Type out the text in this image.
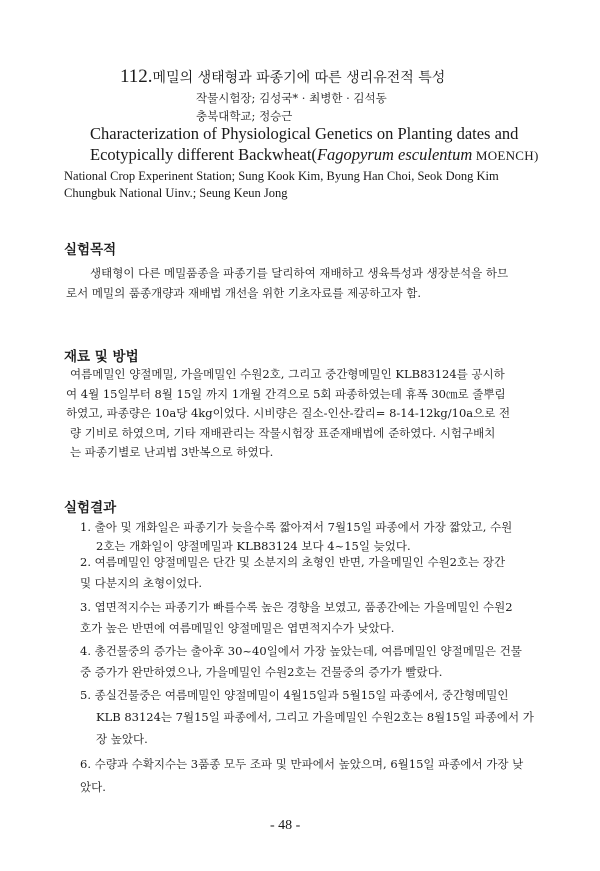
112.메밀의 생태형과 파종기에 따른 생리유전적 특성
작물시험장; 김성국* · 최병한 · 김석동
충북대학교; 정승근
Characterization of Physiological Genetics on Planting dates and
Ecotypically different Backwheat(Fagopyrum esculentum MOENCH)
National Crop Experinent Station; Sung Kook Kim, Byung Han Choi, Seok Dong Kim
Chungbuk National Uinv.; Seung Keun Jong
실험목적
생태형이 다른 메밀품종을 파종기를 달리하여 재배하고 생육특성과 생장분석을 하므
로서 메밀의 품종개량과 재배법 개선을 위한 기초자료를 제공하고자 함.
재료 및 방법
여름메밀인 양절메밀, 가을메밀인 수원2호, 그리고 중간형메밀인 KLB83124를 공시하
여 4월 15일부터 8월 15일 까지 1개월 간격으로 5회 파종하였는데 휴폭 30㎝로 줄뿌림
하였고, 파종량은 10a당 4kg이었다. 시비량은 질소-인산-칼리= 8-14-12kg/10a으로 전
량 기비로 하였으며, 기타 재배관리는 작물시험장 표준재배법에 준하였다. 시험구배치
는 파종기별로 난괴법 3반복으로 하였다.
실험결과
1. 출아 및 개화일은 파종기가 늦을수록 짧아져서 7월15일 파종에서 가장 짧았고, 수원
2호는 개화일이 양절메밀과 KLB83124 보다 4~15일 늦었다.
2. 여름메밀인 양절메밀은 단간 및 소분지의 초형인 반면, 가을메밀인 수원2호는 장간
및 다분지의 초형이었다.
3. 엽면적지수는 파종기가 빠를수록 높은 경향을 보였고, 품종간에는 가을메밀인 수원2
호가 높은 반면에 여름메밀인 양절메밀은 엽면적지수가 낮았다.
4. 총건물중의 증가는 출아후 30~40일에서 가장 높았는데, 여름메밀인 양절메밀은 건물
중 증가가 완만하였으나, 가을메밀인 수원2호는 건물중의 증가가 빨랐다.
5. 종실건물중은 여름메밀인 양절메밀이 4월15일과 5월15일 파종에서, 중간형메밀인
KLB 83124는 7월15일 파종에서, 그리고 가을메밀인 수원2호는 8월15일 파종에서 가
장 높았다.
6. 수량과 수확지수는 3품종 모두 조파 및 만파에서 높았으며, 6월15일 파종에서 가장 낮
았다.
- 48 -
